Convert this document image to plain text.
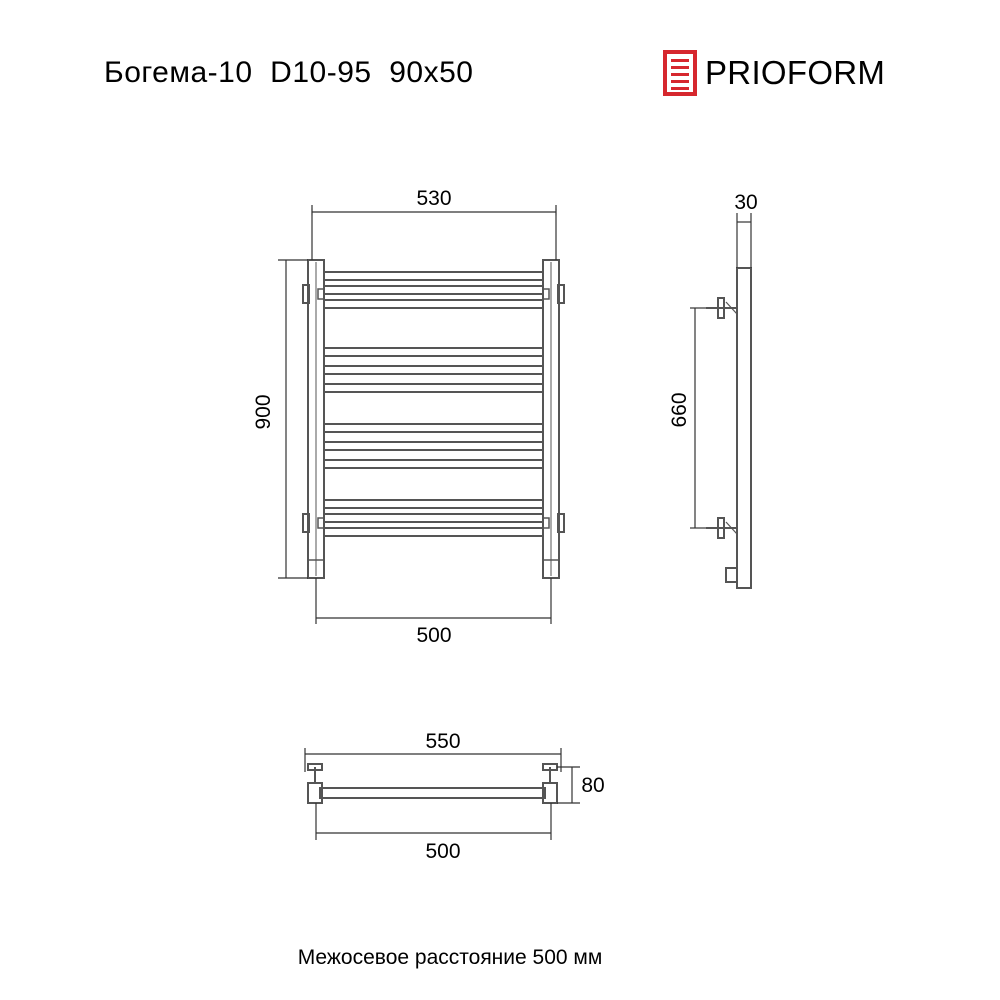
Богема-10  D10-95  90х50	PRIOFORM
530
900
500
30
660
550
80
500
Межосевое расстояние 500 мм
